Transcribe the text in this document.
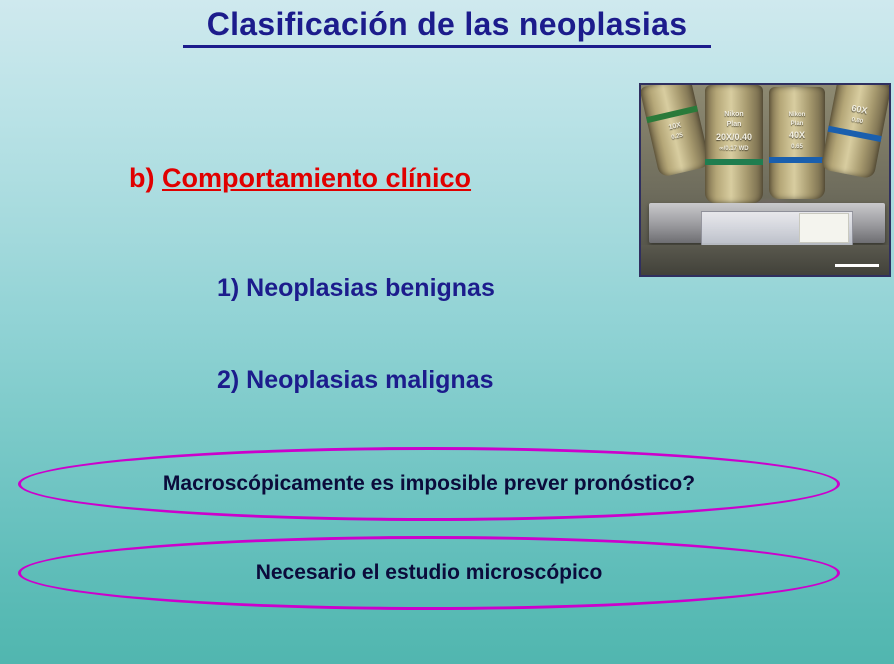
Clasificación de las neoplasias
10X
0.25
Nikon
Plan
20X/0.40
∞/0.17 WD
Nikon
Plan
40X
0.65
60X
0.80
b) Comportamiento clínico
1) Neoplasias benignas
2) Neoplasias malignas
Macroscópicamente es imposible prever pronóstico?
Necesario el estudio microscópico
